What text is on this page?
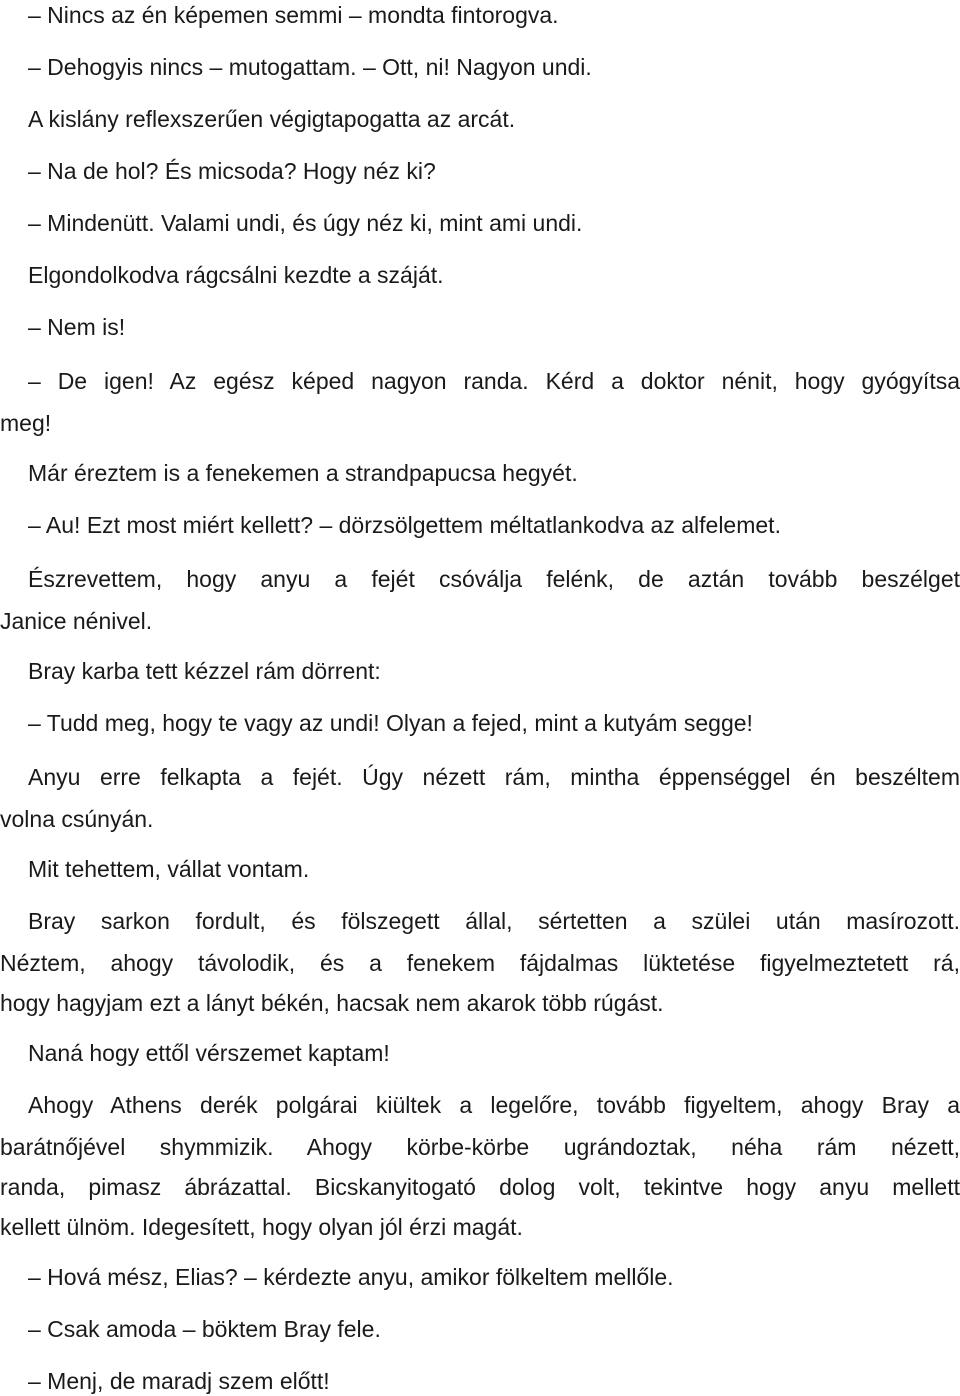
– Nincs az én képemen semmi – mondta fintorogva.
– Dehogyis nincs – mutogattam. – Ott, ni! Nagyon undi.
A kislány reflexszerűen végigtapogatta az arcát.
– Na de hol? És micsoda? Hogy néz ki?
– Mindenütt. Valami undi, és úgy néz ki, mint ami undi.
Elgondolkodva rágcsálni kezdte a száját.
– Nem is!
– De igen! Az egész képed nagyon randa. Kérd a doktor nénit, hogy gyógyítsa
meg!
Már éreztem is a fenekemen a strandpapucsa hegyét.
– Au! Ezt most miért kellett? – dörzsölgettem méltatlankodva az alfelemet.
Észrevettem, hogy anyu a fejét csóválja felénk, de aztán tovább beszélget
Janice nénivel.
Bray karba tett kézzel rám dörrent:
– Tudd meg, hogy te vagy az undi! Olyan a fejed, mint a kutyám segge!
Anyu erre felkapta a fejét. Úgy nézett rám, mintha éppenséggel én beszéltem
volna csúnyán.
Mit tehettem, vállat vontam.
Bray sarkon fordult, és fölszegett állal, sértetten a szülei után masírozott.
Néztem, ahogy távolodik, és a fenekem fájdalmas lüktetése figyelmeztetett rá,
hogy hagyjam ezt a lányt békén, hacsak nem akarok több rúgást.
Naná hogy ettől vérszemet kaptam!
Ahogy Athens derék polgárai kiültek a legelőre, tovább figyeltem, ahogy Bray a
barátnőjével shymmizik. Ahogy körbe-körbe ugrándoztak, néha rám nézett,
randa, pimasz ábrázattal. Bicskanyitogató dolog volt, tekintve hogy anyu mellett
kellett ülnöm. Idegesített, hogy olyan jól érzi magát.
– Hová mész, Elias? – kérdezte anyu, amikor fölkeltem mellőle.
– Csak amoda – böktem Bray fele.
– Menj, de maradj szem előtt!
